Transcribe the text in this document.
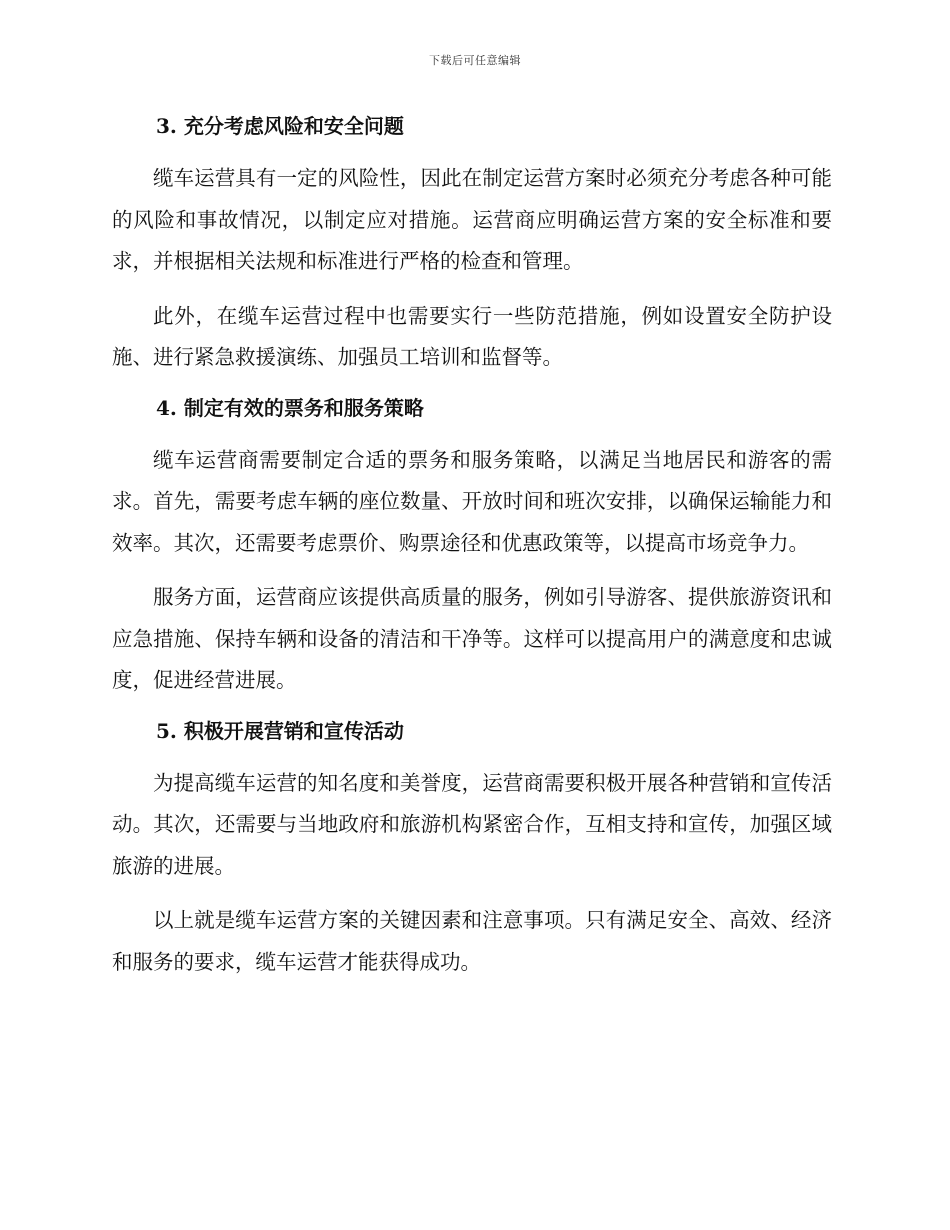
下载后可任意编辑
3. 充分考虑风险和安全问题

缆车运营具有一定的风险性，因此在制定运营方案时必须充分考虑各种可能的风险和事故情况，以制定应对措施。运营商应明确运营方案的安全标准和要求，并根据相关法规和标准进行严格的检查和管理。

此外，在缆车运营过程中也需要实行一些防范措施，例如设置安全防护设施、进行紧急救援演练、加强员工培训和监督等。

4. 制定有效的票务和服务策略

缆车运营商需要制定合适的票务和服务策略，以满足当地居民和游客的需求。首先，需要考虑车辆的座位数量、开放时间和班次安排，以确保运输能力和效率。其次，还需要考虑票价、购票途径和优惠政策等，以提高市场竞争力。

服务方面，运营商应该提供高质量的服务，例如引导游客、提供旅游资讯和应急措施、保持车辆和设备的清洁和干净等。这样可以提高用户的满意度和忠诚度，促进经营进展。

5. 积极开展营销和宣传活动

为提高缆车运营的知名度和美誉度，运营商需要积极开展各种营销和宣传活动。其次，还需要与当地政府和旅游机构紧密合作，互相支持和宣传，加强区域旅游的进展。

以上就是缆车运营方案的关键因素和注意事项。只有满足安全、高效、经济和服务的要求，缆车运营才能获得成功。
